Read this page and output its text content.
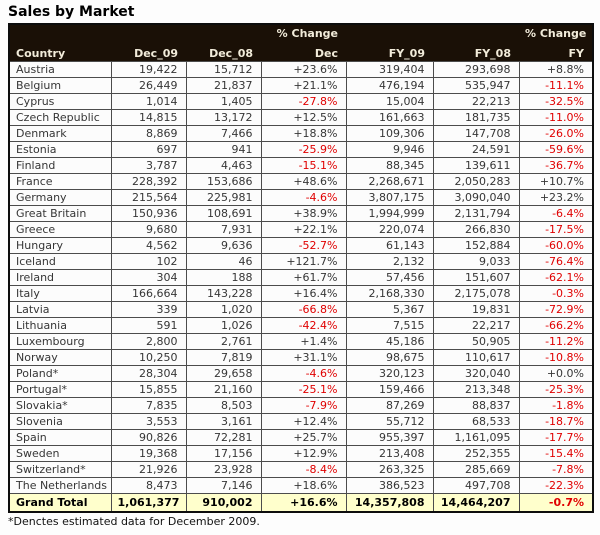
Sales by Market
			% Change			% Change
Country	Dec_09	Dec_08	Dec	FY_09	FY_08	FY
Austria	19,422	15,712	+23.6%	319,404	293,698	+8.8%
Belgium	26,449	21,837	+21.1%	476,194	535,947	-11.1%
Cyprus	1,014	1,405	-27.8%	15,004	22,213	-32.5%
Czech Republic	14,815	13,172	+12.5%	161,663	181,735	-11.0%
Denmark	8,869	7,466	+18.8%	109,306	147,708	-26.0%
Estonia	697	941	-25.9%	9,946	24,591	-59.6%
Finland	3,787	4,463	-15.1%	88,345	139,611	-36.7%
France	228,392	153,686	+48.6%	2,268,671	2,050,283	+10.7%
Germany	215,564	225,981	-4.6%	3,807,175	3,090,040	+23.2%
Great Britain	150,936	108,691	+38.9%	1,994,999	2,131,794	-6.4%
Greece	9,680	7,931	+22.1%	220,074	266,830	-17.5%
Hungary	4,562	9,636	-52.7%	61,143	152,884	-60.0%
Iceland	102	46	+121.7%	2,132	9,033	-76.4%
Ireland	304	188	+61.7%	57,456	151,607	-62.1%
Italy	166,664	143,228	+16.4%	2,168,330	2,175,078	-0.3%
Latvia	339	1,020	-66.8%	5,367	19,831	-72.9%
Lithuania	591	1,026	-42.4%	7,515	22,217	-66.2%
Luxembourg	2,800	2,761	+1.4%	45,186	50,905	-11.2%
Norway	10,250	7,819	+31.1%	98,675	110,617	-10.8%
Poland*	28,304	29,658	-4.6%	320,123	320,040	+0.0%
Portugal*	15,855	21,160	-25.1%	159,466	213,348	-25.3%
Slovakia*	7,835	8,503	-7.9%	87,269	88,837	-1.8%
Slovenia	3,553	3,161	+12.4%	55,712	68,533	-18.7%
Spain	90,826	72,281	+25.7%	955,397	1,161,095	-17.7%
Sweden	19,368	17,156	+12.9%	213,408	252,355	-15.4%
Switzerland*	21,926	23,928	-8.4%	263,325	285,669	-7.8%
The Netherlands	8,473	7,146	+18.6%	386,523	497,708	-22.3%
Grand Total	1,061,377	910,002	+16.6%	14,357,808	14,464,207	-0.7%
*Denctes estimated data for December 2009.
